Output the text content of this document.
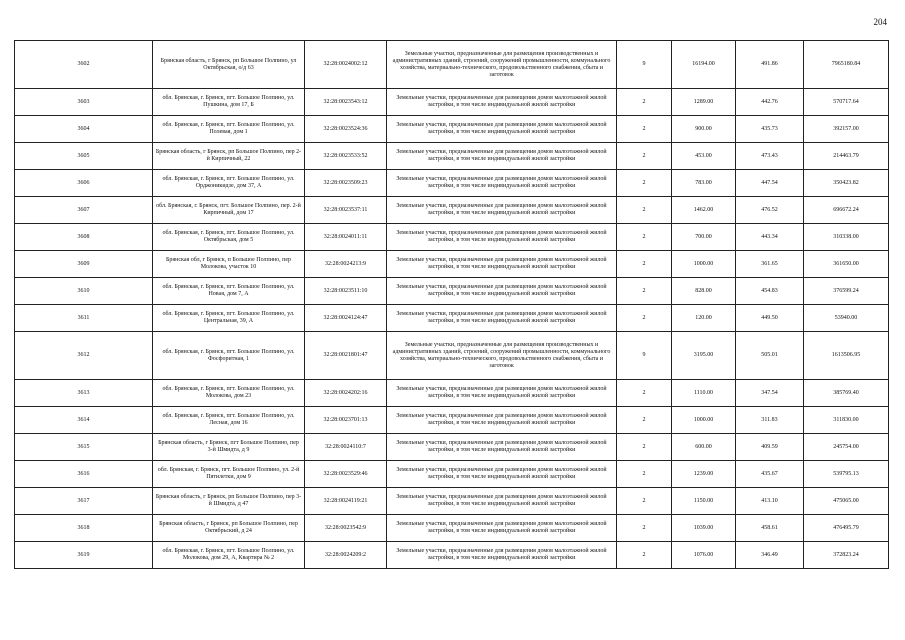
204
3602	Брянская область, г Брянск, рп Большое Полпино, ул Октябрьская, о/д 63	32:28:0024002:12	Земельные участки, предназначенные для размещения производственных и административных зданий, строений, сооружений промышленности, коммунального хозяйства, материально-технического, продовольственного снабжения, сбыта и заготовок	9	16194.00	491.86	7965180.84
3603	обл. Брянская, г. Брянск, пгт. Большое Полпино, ул. Пушкина, дом 17, Б	32:28:0023543:12	Земельные участки, предназначенные для размещения домов малоэтажной жилой застройки, в том числе индивидуальной жилой застройки	2	1289.00	442.76	570717.64
3604	обл. Брянская, г. Брянск, пгт. Большое Полпино, ул. Полевая, дом 1	32:28:0023524:36	Земельные участки, предназначенные для размещения домов малоэтажной жилой застройки, в том числе индивидуальной жилой застройки	2	900.00	435.73	392157.00
3605	Брянская область, г Брянск, рп Большое Полпино, пер 2-й Кирпичный, 22	32:28:0023533:52	Земельные участки, предназначенные для размещения домов малоэтажной жилой застройки, в том числе индивидуальной жилой застройки	2	453.00	473.43	214463.79
3606	обл. Брянская, г. Брянск, пгт. Большое Полпино, ул. Орджоникидзе, дом 37, А	32:28:0023509:23	Земельные участки, предназначенные для размещения домов малоэтажной жилой застройки, в том числе индивидуальной жилой застройки	2	783.00	447.54	350423.82
3607	обл. Брянская, г. Брянск, пгт. Большое Полпино, пер. 2-й Кирпичный, дом 17	32:28:0023537:11	Земельные участки, предназначенные для размещения домов малоэтажной жилой застройки, в том числе индивидуальной жилой застройки	2	1462.00	476.52	696672.24
3608	обл. Брянская, г. Брянск, пгт. Большое Полпино, ул. Октябрьская, дом 5	32:28:0024011:11	Земельные участки, предназначенные для размещения домов малоэтажной жилой застройки, в том числе индивидуальной жилой застройки	2	700.00	443.34	310338.00
3609	Брянская обл, г Брянск, п Большое Полпино, пер Молокова, участок 10	32:28:0024213:9	Земельные участки, предназначенные для размещения домов малоэтажной жилой застройки, в том числе индивидуальной жилой застройки	2	1000.00	361.65	361650.00
3610	обл. Брянская, г. Брянск, пгт. Большое Полпино, ул. Новая, дом 7, А	32:28:0023511:10	Земельные участки, предназначенные для размещения домов малоэтажной жилой застройки, в том числе индивидуальной жилой застройки	2	828.00	454.83	376599.24
3611	обл. Брянская, г. Брянск, пгт. Большое Полпино, ул. Центральная, 39, А	32:28:0024124:47	Земельные участки, предназначенные для размещения домов малоэтажной жилой застройки, в том числе индивидуальной жилой застройки	2	120.00	449.50	53940.00
3612	обл. Брянская, г. Брянск, пгт. Большое Полпино, ул. Фосфоритная, 1	32:28:0021801:47	Земельные участки, предназначенные для размещения производственных и административных зданий, строений, сооружений промышленности, коммунального хозяйства, материально-технического, продовольственного снабжения, сбыта и заготовок	9	3195.00	505.01	1613506.95
3613	обл. Брянская, г. Брянск, пгт. Большое Полпино, ул. Молокова, дом 23	32:28:0024202:16	Земельные участки, предназначенные для размещения домов малоэтажной жилой застройки, в том числе индивидуальной жилой застройки	2	1110.00	347.54	385769.40
3614	обл. Брянская, г. Брянск, пгт. Большое Полпино, ул. Лесная, дом 16	32:28:0023701:13	Земельные участки, предназначенные для размещения домов малоэтажной жилой застройки, в том числе индивидуальной жилой застройки	2	1000.00	311.83	311830.00
3615	Брянская область, г Брянск, пгт Большое Полпино, пер 3-й Шмидта, д 9	32:28:0024110:7	Земельные участки, предназначенные для размещения домов малоэтажной жилой застройки, в том числе индивидуальной жилой застройки	2	600.00	409.59	245754.00
3616	обл. Брянская, г. Брянск, пгт. Большое Полпино, ул. 2-й Пятилетки, дом 9	32:28:0023529:46	Земельные участки, предназначенные для размещения домов малоэтажной жилой застройки, в том числе индивидуальной жилой застройки	2	1239.00	435.67	539795.13
3617	Брянская область, г Брянск, рп Большое Полпино, пер 3-й Шмидта, д 47	32:28:0024119:21	Земельные участки, предназначенные для размещения домов малоэтажной жилой застройки, в том числе индивидуальной жилой застройки	2	1150.00	413.10	475065.00
3618	Брянская область, г Брянск, рп Большое Полпино, пер Октябрьский, д 24	32:28:0023542:9	Земельные участки, предназначенные для размещения домов малоэтажной жилой застройки, в том числе индивидуальной жилой застройки	2	1039.00	458.61	476495.79
3619	обл. Брянская, г. Брянск, пгт. Большое Полпино, ул. Молокова, дом 29, А, Квартира № 2	32:28:0024209:2	Земельные участки, предназначенные для размещения домов малоэтажной жилой застройки, в том числе индивидуальной жилой застройки	2	1076.00	346.49	372823.24
